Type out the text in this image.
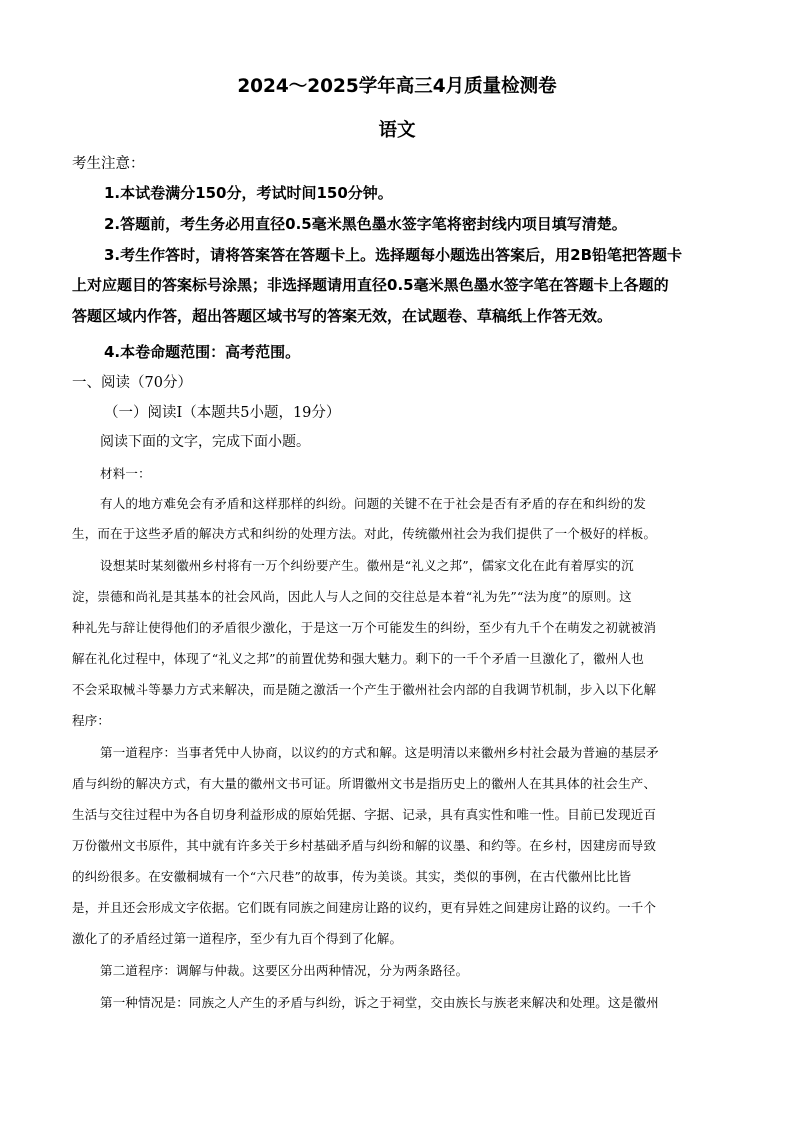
2024～2025学年高三4月质量检测卷
语文
考生注意：
1.本试卷满分150分，考试时间150分钟。
2.答题前，考生务必用直径0.5毫米黑色墨水签字笔将密封线内项目填写清楚。
3.考生作答时，请将答案答在答题卡上。选择题每小题选出答案后，用2B铅笔把答题卡
上对应题目的答案标号涂黑；非选择题请用直径0.5毫米黑色墨水签字笔在答题卡上各题的
答题区域内作答，超出答题区域书写的答案无效，在试题卷、草稿纸上作答无效。
4.本卷命题范围：高考范围。
一、阅读（70分）
（一）阅读Ⅰ（本题共5小题，19分）
阅读下面的文字，完成下面小题。
材料一：
有人的地方难免会有矛盾和这样那样的纠纷。问题的关键不在于社会是否有矛盾的存在和纠纷的发
生，而在于这些矛盾的解决方式和纠纷的处理方法。对此，传统徽州社会为我们提供了一个极好的样板。
设想某时某刻徽州乡村将有一万个纠纷要产生。徽州是“礼义之邦”，儒家文化在此有着厚实的沉
淀，崇德和尚礼是其基本的社会风尚，因此人与人之间的交往总是本着“礼为先”“法为度”的原则。这
种礼先与辞让使得他们的矛盾很少激化，于是这一万个可能发生的纠纷，至少有九千个在萌发之初就被消
解在礼化过程中，体现了“礼义之邦”的前置优势和强大魅力。剩下的一千个矛盾一旦激化了，徽州人也
不会采取械斗等暴力方式来解决，而是随之激活一个产生于徽州社会内部的自我调节机制，步入以下化解
程序：
第一道程序：当事者凭中人协商，以议约的方式和解。这是明清以来徽州乡村社会最为普遍的基层矛
盾与纠纷的解决方式，有大量的徽州文书可证。所谓徽州文书是指历史上的徽州人在其具体的社会生产、
生活与交往过程中为各自切身利益形成的原始凭据、字据、记录，具有真实性和唯一性。目前已发现近百
万份徽州文书原件，其中就有许多关于乡村基础矛盾与纠纷和解的议墨、和约等。在乡村，因建房而导致
的纠纷很多。在安徽桐城有一个“六尺巷”的故事，传为美谈。其实，类似的事例，在古代徽州比比皆
是，并且还会形成文字依据。它们既有同族之间建房让路的议约，更有异姓之间建房让路的议约。一千个
激化了的矛盾经过第一道程序，至少有九百个得到了化解。
第二道程序：调解与仲裁。这要区分出两种情况，分为两条路径。
第一种情况是：同族之人产生的矛盾与纠纷，诉之于祠堂，交由族长与族老来解决和处理。这是徽州
